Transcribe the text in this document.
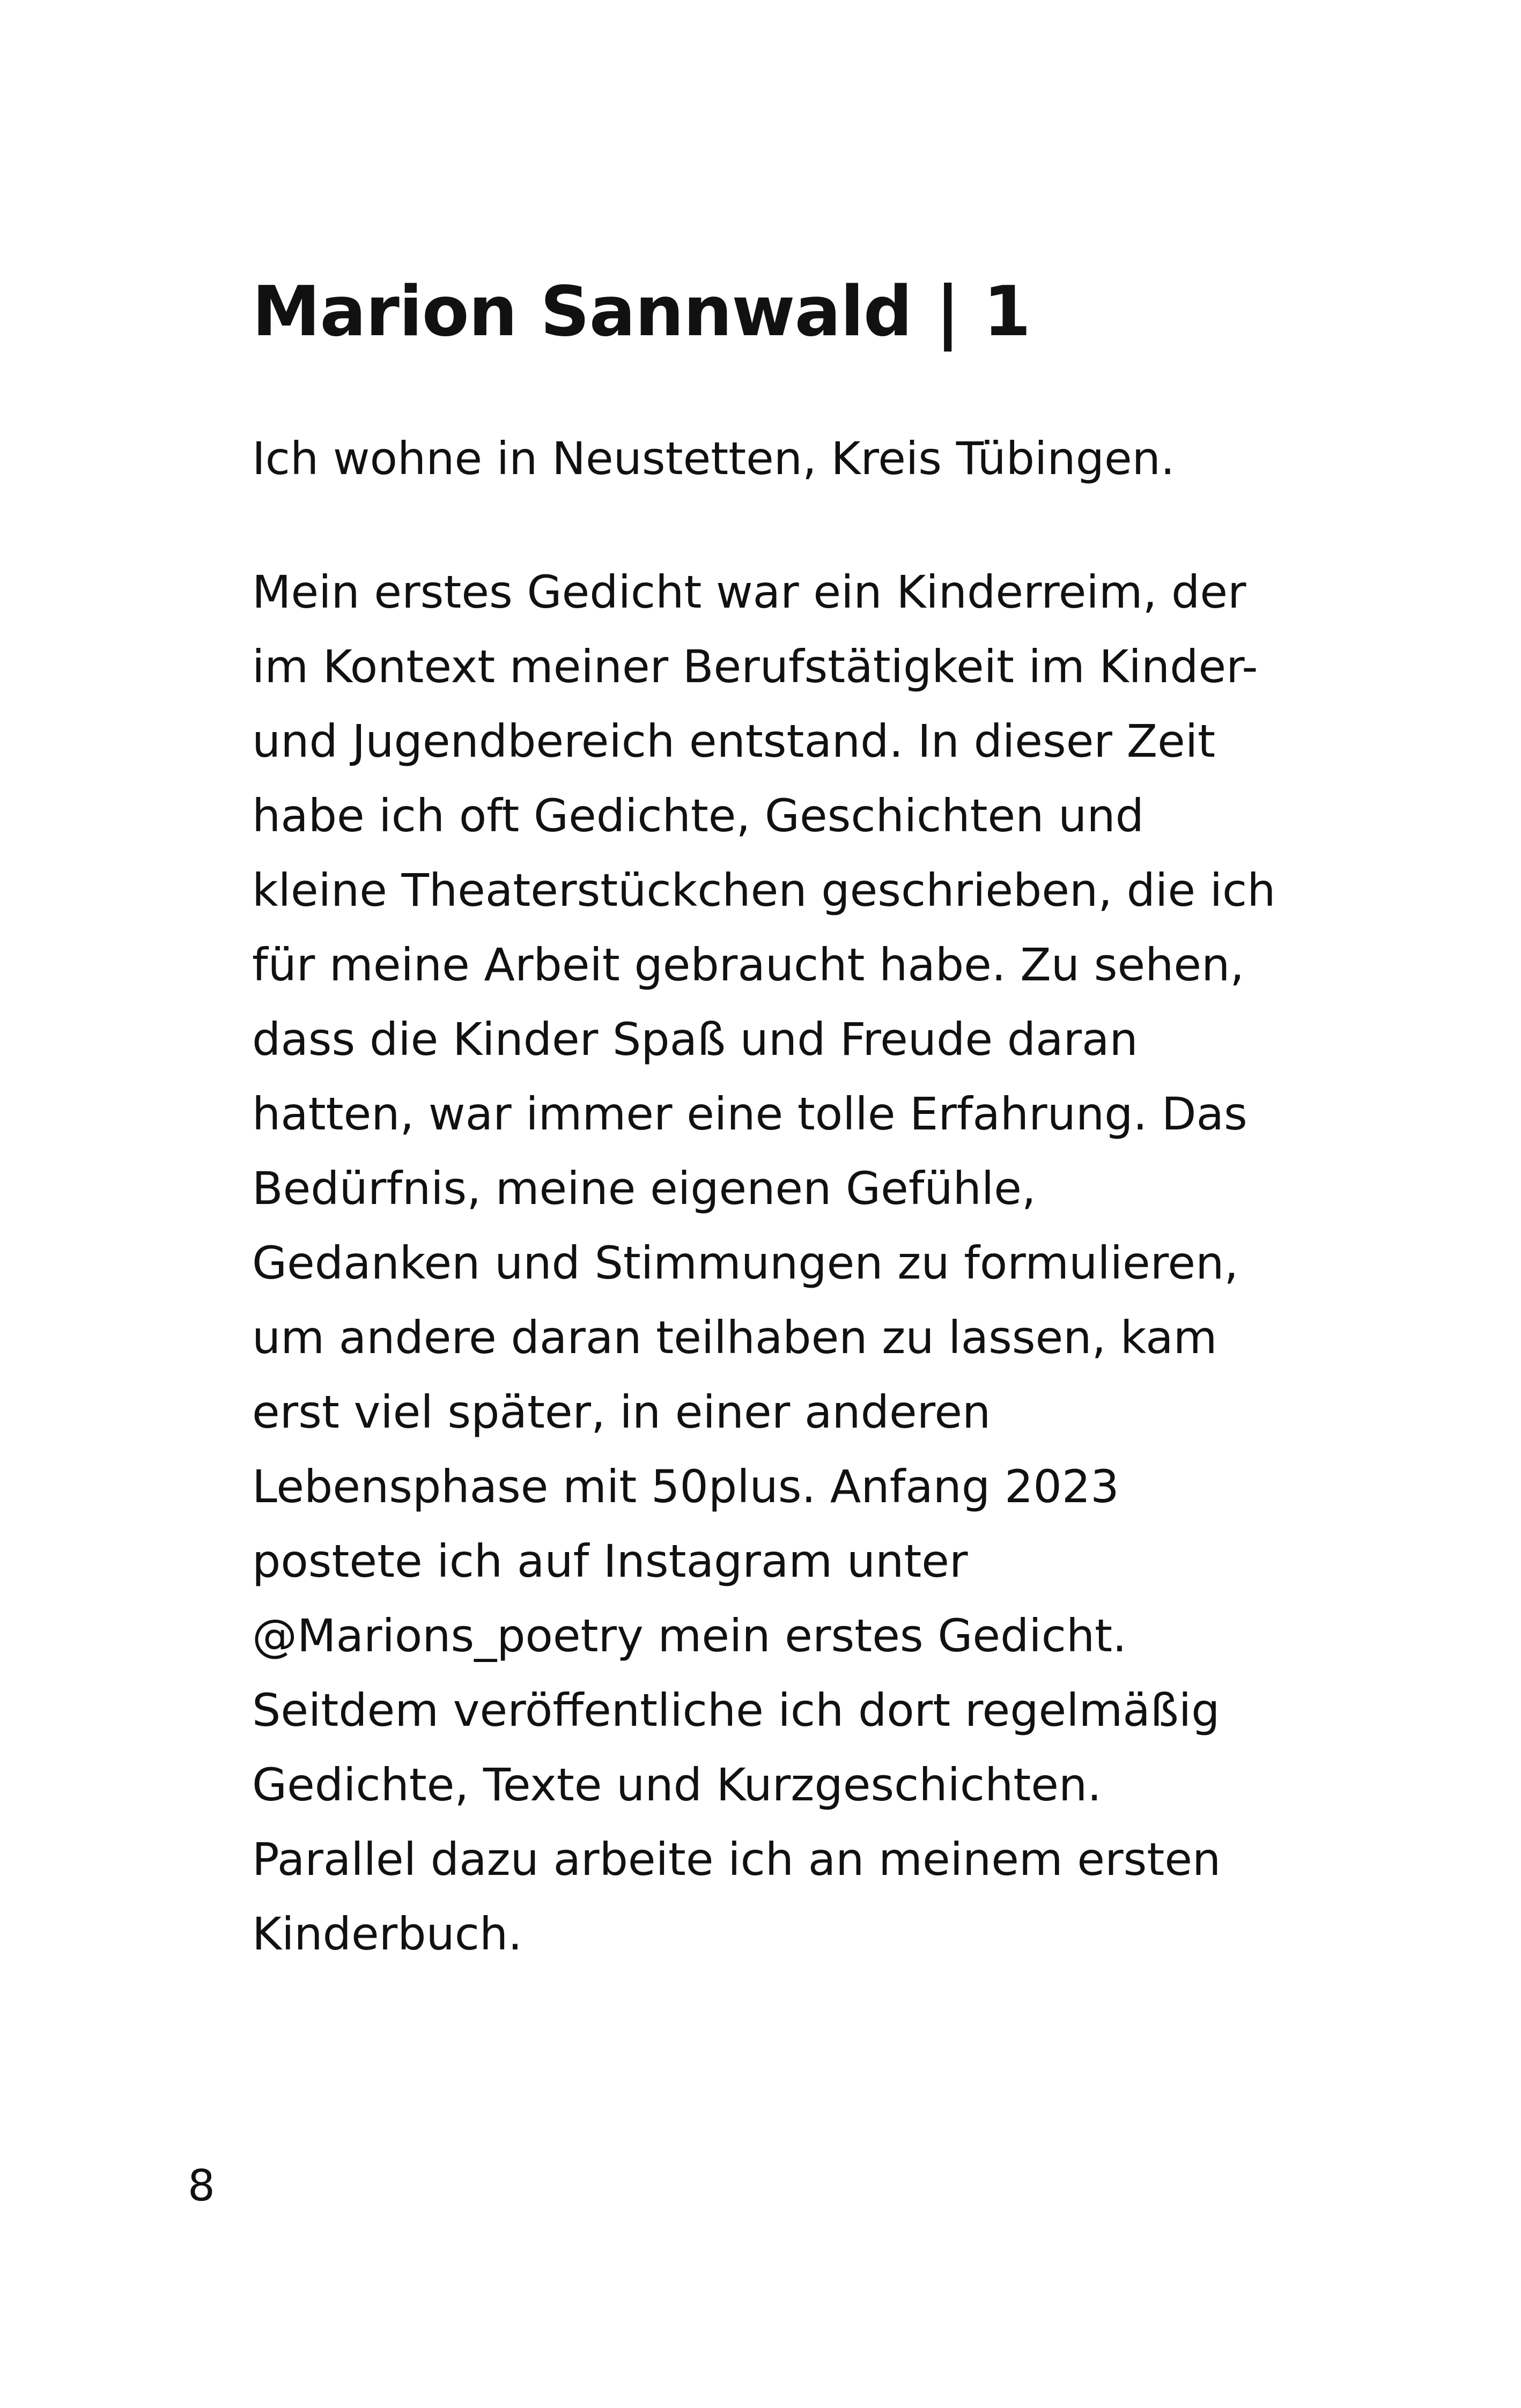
Marion Sannwald | 1

Ich wohne in Neustetten, Kreis Tübingen.

Mein erstes Gedicht war ein Kinderreim, der
im Kontext meiner Berufstätigkeit im Kinder-
und Jugendbereich entstand. In dieser Zeit
habe ich oft Gedichte, Geschichten und
kleine Theaterstückchen geschrieben, die ich
für meine Arbeit gebraucht habe. Zu sehen,
dass die Kinder Spaß und Freude daran
hatten, war immer eine tolle Erfahrung. Das
Bedürfnis, meine eigenen Gefühle,
Gedanken und Stimmungen zu formulieren,
um andere daran teilhaben zu lassen, kam
erst viel später, in einer anderen
Lebensphase mit 50plus. Anfang 2023
postete ich auf Instagram unter
@Marions_poetry mein erstes Gedicht.
Seitdem veröffentliche ich dort regelmäßig
Gedichte, Texte und Kurzgeschichten.
Parallel dazu arbeite ich an meinem ersten
Kinderbuch.

8
